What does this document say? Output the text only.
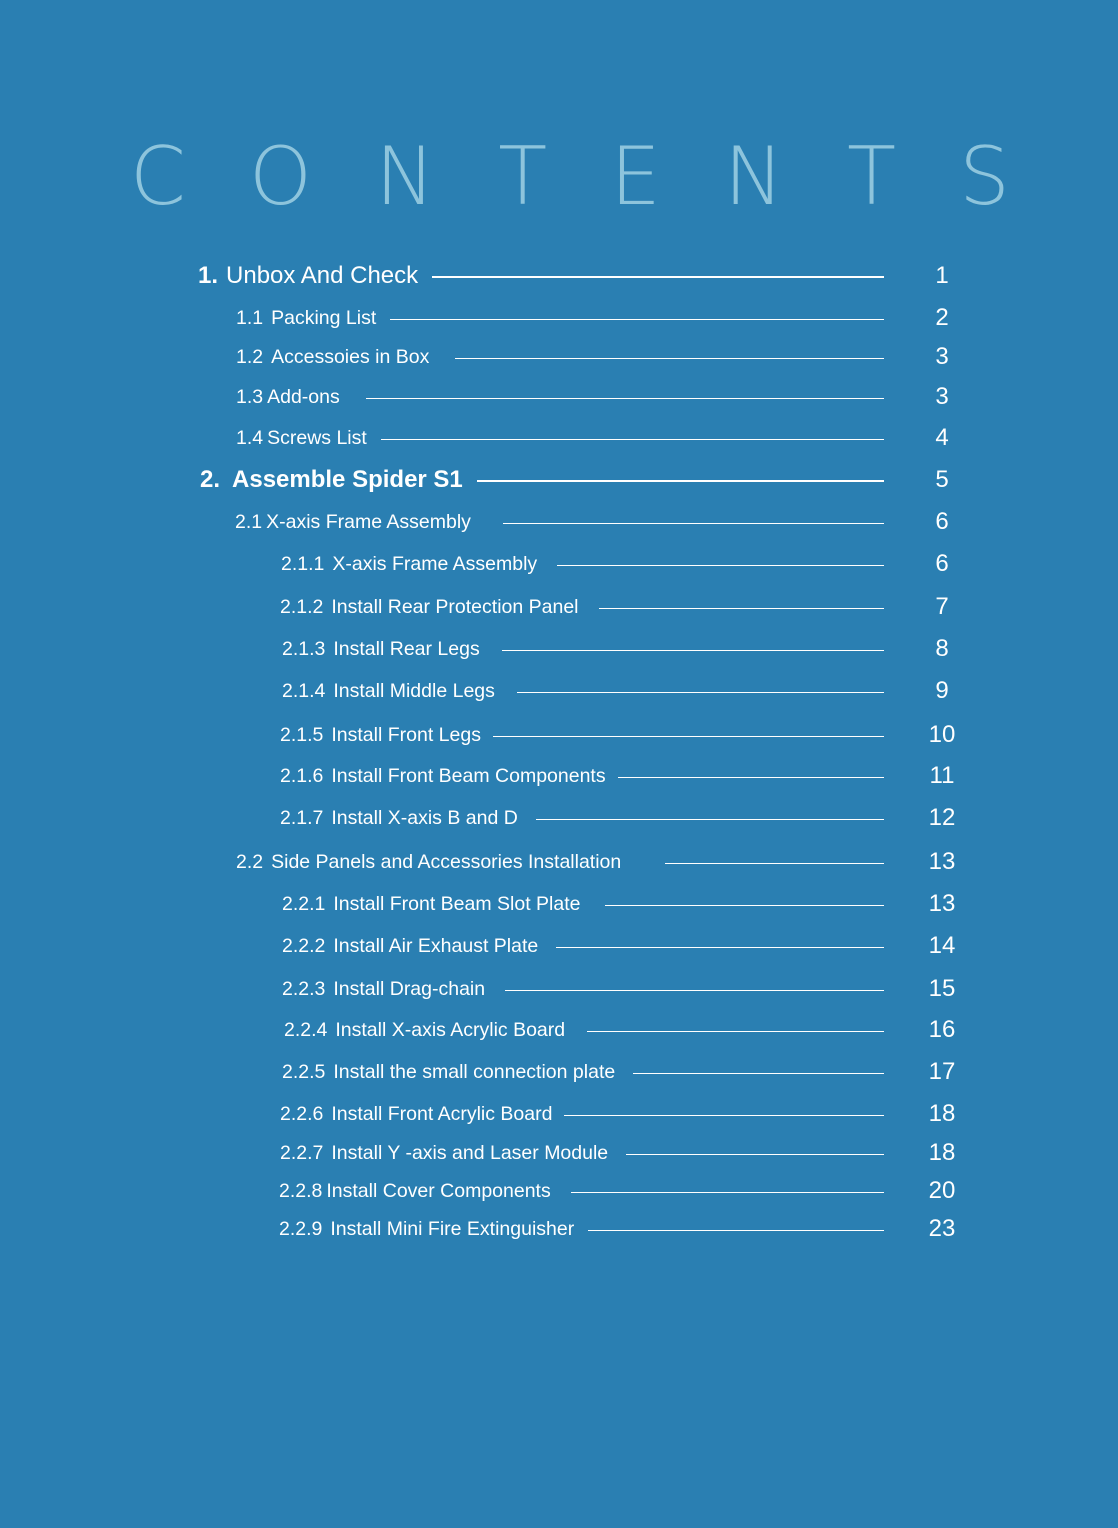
C O N T E N T S
1. Unbox And Check	1
1.1 Packing List	2
1.2 Accessoies in Box	3
1.3 Add-ons	3
1.4 Screws List	4
2. Assemble Spider S1	5
2.1 X-axis Frame Assembly	6
2.1.1 X-axis Frame Assembly	6
2.1.2 Install Rear Protection Panel	7
2.1.3 Install Rear Legs	8
2.1.4 Install Middle Legs	9
2.1.5 Install Front Legs	10
2.1.6 Install Front Beam Components	11
2.1.7 Install X-axis B and D	12
2.2 Side Panels and Accessories Installation	13
2.2.1 Install Front Beam Slot Plate	13
2.2.2 Install Air Exhaust Plate	14
2.2.3 Install Drag-chain	15
2.2.4 Install X-axis Acrylic Board	16
2.2.5 Install the small connection plate	17
2.2.6 Install Front Acrylic Board	18
2.2.7 Install Y -axis and Laser Module	18
2.2.8 Install Cover Components	20
2.2.9 Install Mini Fire Extinguisher	23
